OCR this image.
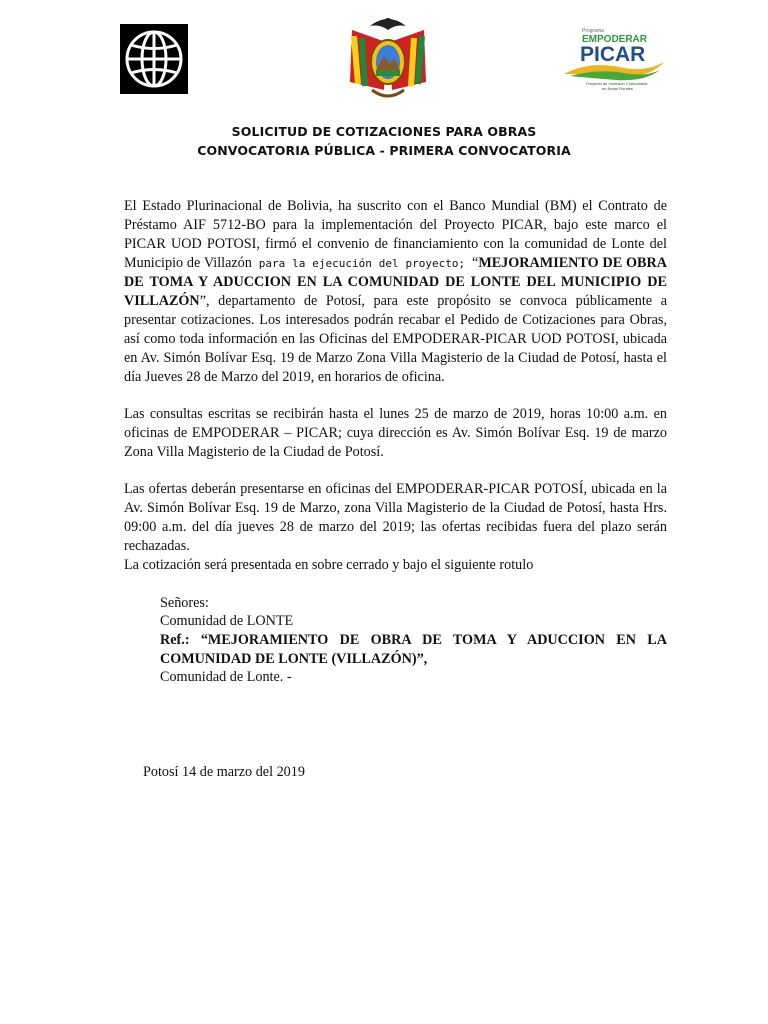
Programa
EMPODERAR
PICAR
Proyecto de Inversión Comunitaria
en Áreas Rurales
SOLICITUD DE COTIZACIONES PARA OBRAS
CONVOCATORIA PÚBLICA - PRIMERA CONVOCATORIA

El Estado Plurinacional de Bolivia, ha suscrito con el Banco Mundial (BM) el Contrato de Préstamo AIF 5712-BO para la implementación del Proyecto PICAR, bajo este marco el PICAR UOD POTOSI, firmó el convenio de financiamiento con la comunidad de Lonte del Municipio de Villazón para la ejecución del proyecto; “MEJORAMIENTO DE OBRA DE TOMA Y ADUCCION EN LA COMUNIDAD DE LONTE DEL MUNICIPIO DE VILLAZÓN”, departamento de Potosí, para este propósito se convoca públicamente a presentar cotizaciones. Los interesados podrán recabar el Pedido de Cotizaciones para Obras, así como toda información en las Oficinas del EMPODERAR-PICAR UOD POTOSI, ubicada en Av. Simón Bolívar Esq. 19 de Marzo Zona Villa Magisterio de la Ciudad de Potosí, hasta el día Jueves 28 de Marzo del 2019, en horarios de oficina.

Las consultas escritas se recibirán hasta el lunes 25 de marzo de 2019, horas 10:00 a.m. en oficinas de EMPODERAR – PICAR; cuya dirección es Av. Simón Bolívar Esq. 19 de marzo Zona Villa Magisterio de la Ciudad de Potosí.

Las ofertas deberán presentarse en oficinas del EMPODERAR-PICAR POTOSÍ, ubicada en la Av. Simón Bolívar Esq. 19 de Marzo, zona Villa Magisterio de la Ciudad de Potosí, hasta Hrs. 09:00 a.m. del día jueves 28 de marzo del 2019; las ofertas recibidas fuera del plazo serán rechazadas.

La cotización será presentada en sobre cerrado y bajo el siguiente rotulo

Señores:

Comunidad de LONTE

Ref.: “MEJORAMIENTO DE OBRA DE TOMA Y ADUCCION EN LA COMUNIDAD DE LONTE (VILLAZÓN)”,

Comunidad de Lonte. -

Potosí 14 de marzo del 2019
